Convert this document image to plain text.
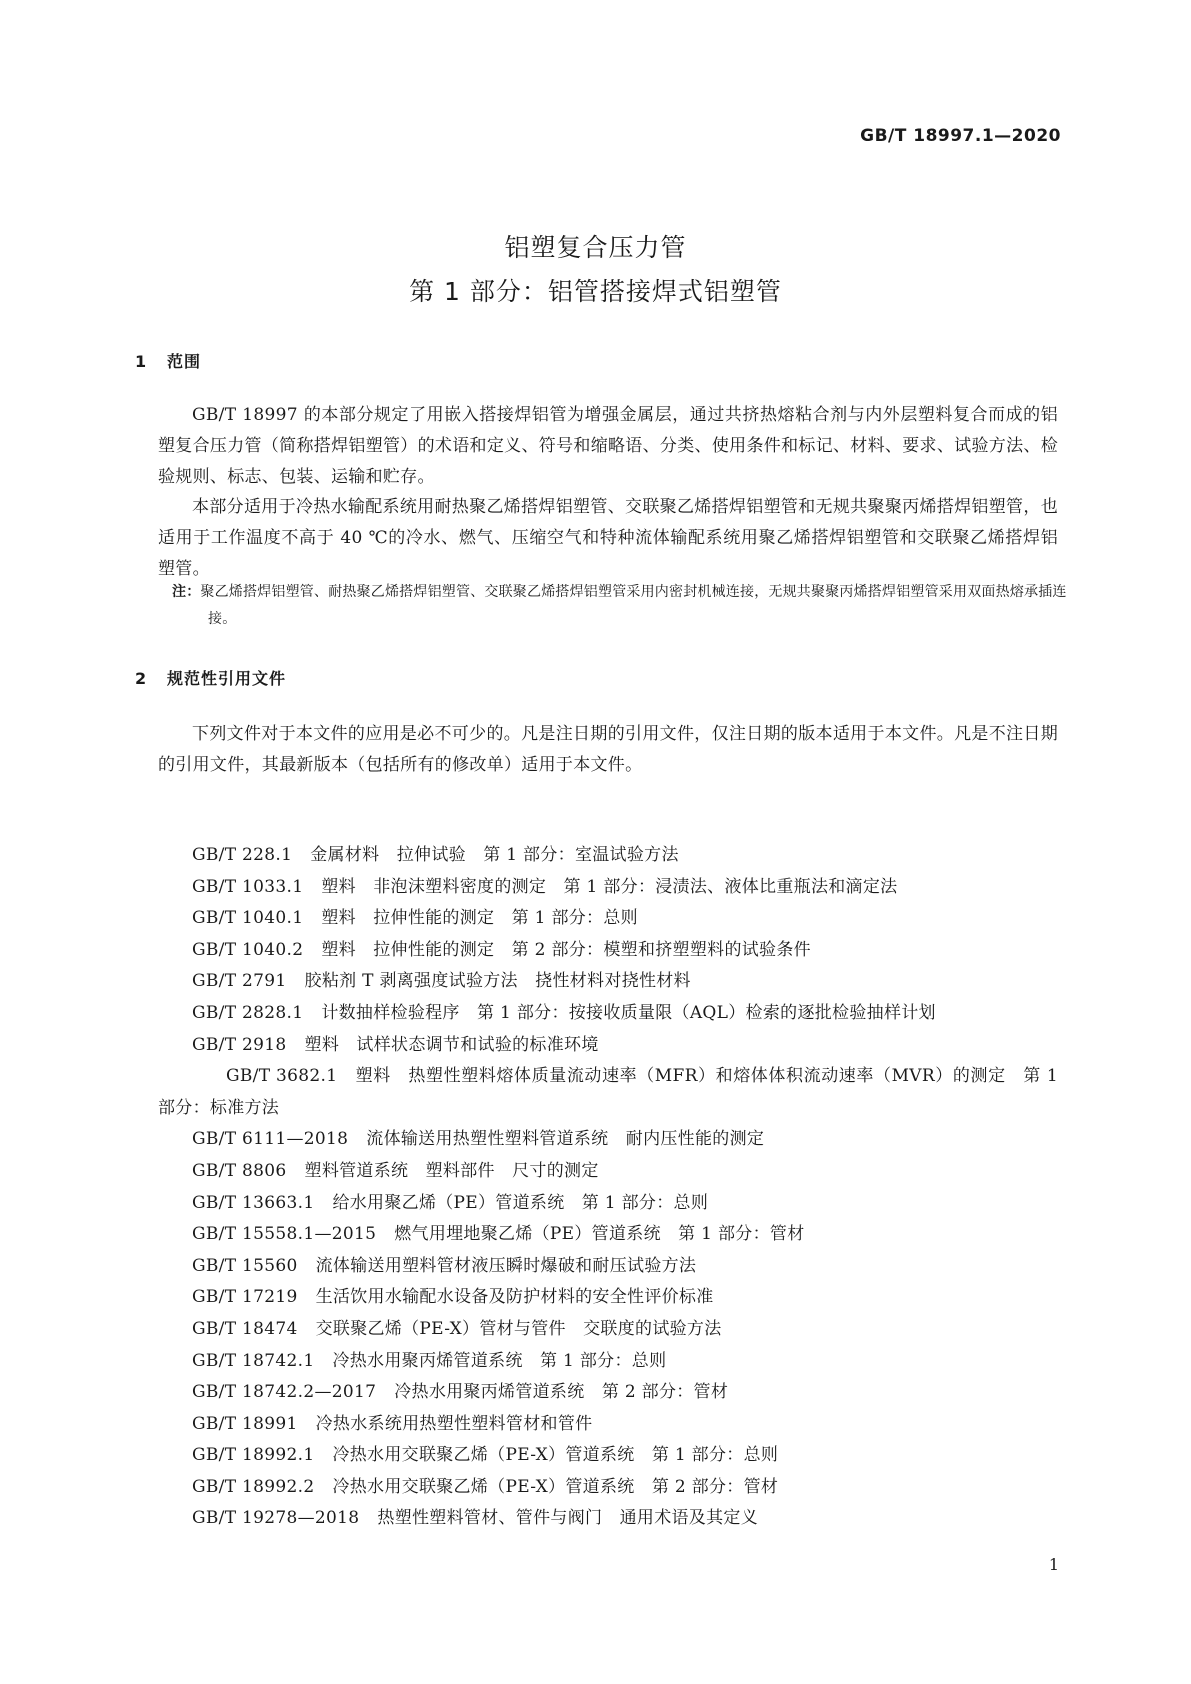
GB/T 18997.1—2020
铝塑复合压力管
第 1 部分：铝管搭接焊式铝塑管
1 范围

GB/T 18997 的本部分规定了用嵌入搭接焊铝管为增强金属层，通过共挤热熔粘合剂与内外层塑料复合而成的铝塑复合压力管（简称搭焊铝塑管）的术语和定义、符号和缩略语、分类、使用条件和标记、材料、要求、试验方法、检验规则、标志、包装、运输和贮存。

本部分适用于冷热水输配系统用耐热聚乙烯搭焊铝塑管、交联聚乙烯搭焊铝塑管和无规共聚聚丙烯搭焊铝塑管，也适用于工作温度不高于 40 ℃的冷水、燃气、压缩空气和特种流体输配系统用聚乙烯搭焊铝塑管和交联聚乙烯搭焊铝塑管。

注：聚乙烯搭焊铝塑管、耐热聚乙烯搭焊铝塑管、交联聚乙烯搭焊铝塑管采用内密封机械连接，无规共聚聚丙烯搭焊铝塑管采用双面热熔承插连接。

2 规范性引用文件

下列文件对于本文件的应用是必不可少的。凡是注日期的引用文件，仅注日期的版本适用于本文件。凡是不注日期的引用文件，其最新版本（包括所有的修改单）适用于本文件。

GB/T 228.1 金属材料　拉伸试验　第 1 部分：室温试验方法
GB/T 1033.1 塑料　非泡沫塑料密度的测定　第 1 部分：浸渍法、液体比重瓶法和滴定法
GB/T 1040.1 塑料　拉伸性能的测定　第 1 部分：总则
GB/T 1040.2 塑料　拉伸性能的测定　第 2 部分：模塑和挤塑塑料的试验条件
GB/T 2791 胶粘剂 T 剥离强度试验方法　挠性材料对挠性材料
GB/T 2828.1 计数抽样检验程序　第 1 部分：按接收质量限（AQL）检索的逐批检验抽样计划
GB/T 2918 塑料　试样状态调节和试验的标准环境
GB/T 3682.1 塑料　热塑性塑料熔体质量流动速率（MFR）和熔体体积流动速率（MVR）的测定　第 1 部分：标准方法
GB/T 6111—2018 流体输送用热塑性塑料管道系统　耐内压性能的测定
GB/T 8806 塑料管道系统　塑料部件　尺寸的测定
GB/T 13663.1 给水用聚乙烯（PE）管道系统　第 1 部分：总则
GB/T 15558.1—2015 燃气用埋地聚乙烯（PE）管道系统　第 1 部分：管材
GB/T 15560 流体输送用塑料管材液压瞬时爆破和耐压试验方法
GB/T 17219 生活饮用水输配水设备及防护材料的安全性评价标准
GB/T 18474 交联聚乙烯（PE-X）管材与管件　交联度的试验方法
GB/T 18742.1 冷热水用聚丙烯管道系统　第 1 部分：总则
GB/T 18742.2—2017 冷热水用聚丙烯管道系统　第 2 部分：管材
GB/T 18991 冷热水系统用热塑性塑料管材和管件
GB/T 18992.1 冷热水用交联聚乙烯（PE-X）管道系统　第 1 部分：总则
GB/T 18992.2 冷热水用交联聚乙烯（PE-X）管道系统　第 2 部分：管材
GB/T 19278—2018 热塑性塑料管材、管件与阀门　通用术语及其定义
1
